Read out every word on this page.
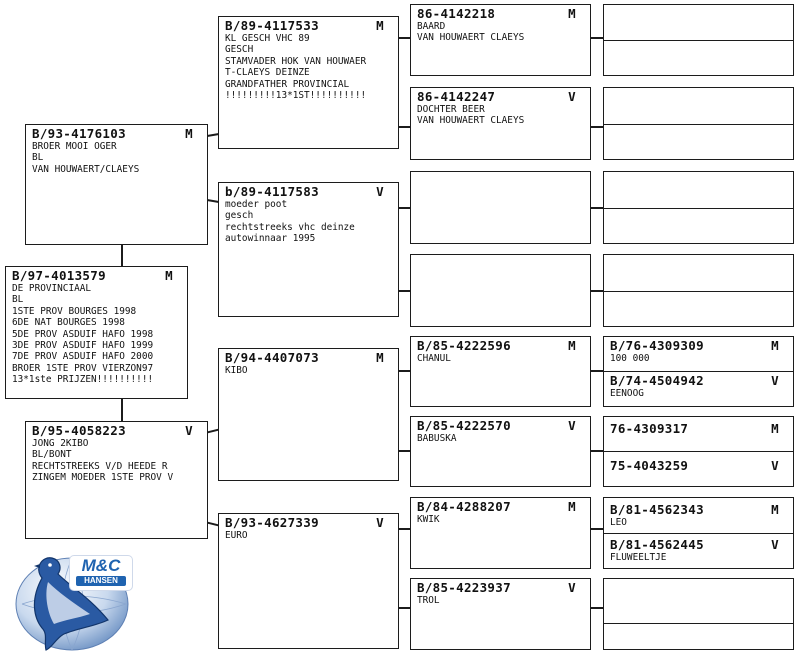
B/97-4013579	M
DE PROVINCIAAL
BL
1STE PROV BOURGES 1998
6DE NAT BOURGES 1998
5DE PROV ASDUIF HAFO 1998
3DE PROV ASDUIF HAFO 1999
7DE PROV ASDUIF HAFO 2000
BROER 1STE PROV VIERZON97
13*1ste PRIJZEN!!!!!!!!!!
B/93-4176103	M
BROER MOOI OGER
BL
VAN HOUWAERT/CLAEYS
B/95-4058223	V
JONG 2KIBO
BL/BONT
RECHTSTREEKS V/D HEEDE R
ZINGEM MOEDER 1STE PROV V
B/89-4117533	M
KL GESCH VHC 89
GESCH
STAMVADER HOK VAN HOUWAER
T-CLAEYS DEINZE
GRANDFATHER PROVINCIAL
!!!!!!!!!13*1ST!!!!!!!!!!
b/89-4117583	V
moeder poot
gesch
rechtstreeks vhc deinze
autowinnaar 1995
B/94-4407073	M
KIBO
B/93-4627339	V
EURO
86-4142218	M
BAARD
VAN HOUWAERT CLAEYS
86-4142247	V
DOCHTER BEER
VAN HOUWAERT CLAEYS
B/85-4222596	M
CHANUL
B/85-4222570	V
BABUSKA
B/84-4288207	M
KWIK
B/85-4223937	V
TROL
B/76-4309309	M
100 000
B/74-4504942	V
EENOOG
76-4309317	M
75-4043259	V
B/81-4562343	M
LEO
B/81-4562445	V
FLUWEELTJE
M&C
HANSEN
